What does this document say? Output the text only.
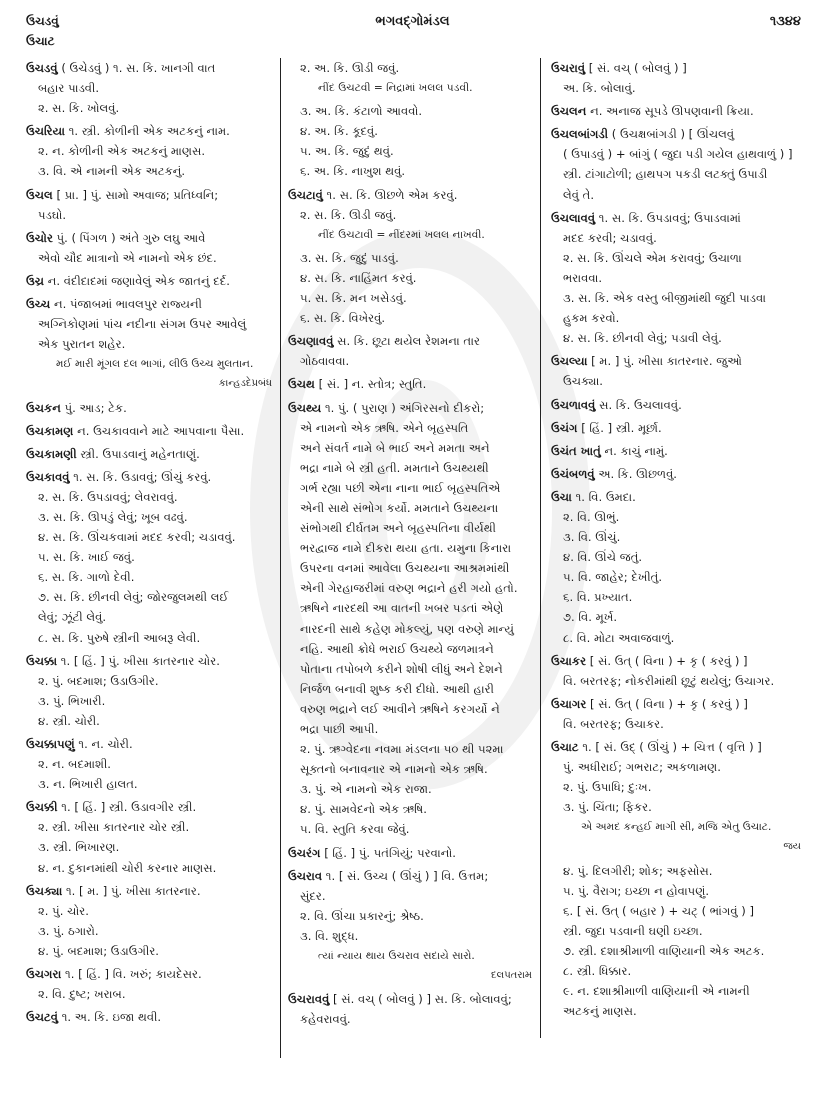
ઉચડવું
ઉચાટ
ભગવદ્ગોમંડલ	૧૩૪૪
ઉચડવું ( ઉચેડવું ) ૧. સ. કિ. ખાનગી વાત
બહાર પાડવી.
૨. સ. કિ. ખોલવું.
ઉચરિયા ૧. સ્ત્રી. કોળીની એક અટકનું નામ.
૨. ન. કોળીની એક અટકનું માણસ.
૩. વિ. એ નામની એક અટકનું.
ઉચલ [ પ્રા. ] પું. સામો અવાજ; પ્રતિધ્વનિ;
પડઘો.
ઉચોર પું. ( પિંગળ ) અંતે ગુરુ લઘુ આવે
એવો ચૌદ માત્રાનો એ નામનો એક છંદ.
ઉચ્ર ન. વંદીદાદમાં જણાવેલું એક જાતનું દર્દ.
ઉચ્ચ ન. પંજાબમાં ભાવલપુર રાજ્યની
અગ્નિકોણમાં પાંચ નદીના સંગમ ઉપર આવેલું
એક પુરાતન શહેર.
મઈ મારી મૂંગલ દલ ભાગાં, લીઉ ઉચ્ચ મુલતાન.
કાન્હડદેપ્રબંધ
ઉચકન પું. આડ; ટેક.
ઉચકામણ ન. ઉચકાવવાને માટે આપવાના પૈસા.
ઉચકામણી સ્ત્રી. ઉપાડવાનું મહેનતાણું.
ઉચકાવવું ૧. સ. કિ. ઉડાવવું; ઊંચું કરવું.
૨. સ. કિ. ઉપડાવવું; લેવરાવવું.
૩. સ. કિ. ઊપડું લેવું; ખૂબ વઢવું.
૪. સ. કિ. ઊંચકવામાં મદદ કરવી; ચડાવવું.
૫. સ. કિ. ખાઈ જવું.
૬. સ. કિ. ગાળો દેવી.
૭. સ. કિ. છીનવી લેવું; જોરજુલમથી લઈ
લેવું; ઝૂંટી લેવું.
૮. સ. કિ. પુરુષે સ્ત્રીની આબરૂ લેવી.
ઉચક્કા ૧. [ હિં. ] પું. ખીસા કાતરનાર ચોર.
૨. પું. બદમાશ; ઉડાઉગીર.
૩. પું. ભિખારી.
૪. સ્ત્રી. ચોરી.
ઉચક્કાપણું ૧. ન. ચોરી.
૨. ન. બદમાશી.
૩. ન. ભિખારી હાલત.
ઉચક્કી ૧. [ હિં. ] સ્ત્રી. ઉડાવગીર સ્ત્રી.
૨. સ્ત્રી. ખીસા કાતરનાર ચોર સ્ત્રી.
૩. સ્ત્રી. ભિખારણ.
૪. ન. દુકાનમાંથી ચોરી કરનાર માણસ.
ઉચક્યા ૧. [ મ. ] પું. ખીસા કાતરનાર.
૨. પું. ચોર.
૩. પું. ઠગારો.
૪. પું. બદમાશ; ઉડાઉગીર.
ઉચગરા ૧. [ હિં. ] વિ. ખરું; કાયદેસર.
૨. વિ. દુષ્ટ; ખરાબ.
ઉચટવું ૧. અ. કિ. ઇજા થવી.
૨. અ. કિ. ઊડી જવું.
નીંદ ઉચટવી = નિદ્રામાં ખલલ પડવી.
૩. અ. કિ. કંટાળો આવવો.
૪. અ. કિ. કૂદવું.
૫. અ. કિ. જુદું થવું.
૬. અ. કિ. નાખુશ થવું.
ઉચટાવું ૧. સ. કિ. ઊછળે એમ કરવું.
૨. સ. કિ. ઊડી જવું.
નીંદ ઉચટાવી = નીંદરમાં ખલલ નાખવી.
૩. સ. કિ. જુદું પાડવું.
૪. સ. કિ. નાહિંમત કરવું.
૫. સ. કિ. મન ખસેડવું.
૬. સ. કિ. વિખેરવું.
ઉચણાવવું સ. કિ. છૂટા થયેલ રેશમના તાર
ગોઠવાવવા.
ઉચથ [ સં. ] ન. સ્તોત્ર; સ્તુતિ.
ઉચથ્ય ૧. પું. ( પુરાણ ) અંગિરસનો દીકરો;
એ નામનો એક ઋષિ. એને બૃહસ્પતિ
અને સંવર્ત નામે બે ભાઈ અને મમતા અને
ભદ્રા નામે બે સ્ત્રી હતી. મમતાને ઉચથ્યથી
ગર્ભ રહ્યા પછી એના નાના ભાઈ બૃહસ્પતિએ
એની સાથે સંભોગ કર્યો. મમતાને ઉચથ્યના
સંભોગથી દીર્ઘતમ અને બૃહસ્પતિના વીર્યથી
ભરદ્વાજ નામે દીકરા થયા હતા. યમુના કિનારા
ઉપરના વનમાં આવેલા ઉચથ્યના આશ્રમમાંથી
એની ગેરહાજરીમાં વરુણ ભદ્રાને હરી ગયો હતો.
ઋષિને નારદથી આ વાતની ખબર પડતાં એણે
નારદની સાથે કહેણ મોકલ્યું, પણ વરુણે માન્યું
નહિ. આથી ક્રોધે ભરાઈ ઉચથ્યે જળમાત્રને
પોતાના તપોબળે કરીને શોષી લીધું અને દેશને
નિર્જળ બનાવી શુષ્ક કરી દીધો. આથી હારી
વરુણ ભદ્રાને લઈ આવીને ઋષિને કરગર્યો ને
ભદ્રા પાછી આપી.
૨. પું. ઋગ્વેદના નવમા મંડલના ૫૦ થી ૫૨મા
સૂક્તનો બનાવનાર એ નામનો એક ઋષિ.
૩. પું. એ નામનો એક રાજા.
૪. પું. સામવેદનો એક ઋષિ.
૫. વિ. સ્તુતિ કરવા જેવું.
ઉચરંગ [ હિં. ] પું. પતંગિયું; પરવાનો.
ઉચરાવ ૧. [ સં. ઉચ્ચ ( ઊંચું ) ] વિ. ઉત્તમ;
સુંદર.
૨. વિ. ઊંચા પ્રકારનું; શ્રેષ્ઠ.
૩. વિ. શુદ્ધ.
ત્યાં ન્યાય થાય ઉચરાવ સદાયે સારો.
દલપતરામ
ઉચરાવવું [ સં. વચ્ ( બોલવું ) ] સ. કિ. બોલાવવું;
કહેવરાવવું.
ઉચરાવું [ સં. વચ્ ( બોલવું ) ]
અ. કિ. બોલાવું.
ઉચલન ન. અનાજ સૂપડે ઊપણવાની ક્રિયા.
ઉચલબાંગડી ( ઉચક્ષબાંગડી ) [ ઊંચલવું
( ઉપાડવું ) + બાંગું ( જુદા પડી ગયેલ હાથવાળું ) ]
સ્ત્રી. ટાંગાટોળી; હાથપગ પકડી લટક્તું ઉપાડી
લેવું તે.
ઉચલાવવું ૧. સ. કિ. ઉપડાવવું; ઉપાડવામાં
મદદ કરવી; ચડાવવું.
૨. સ. કિ. ઊંચલે એમ કરાવવું; ઉચાળા
ભરાવવા.
૩. સ. કિ. એક વસ્તુ બીજીમાંથી જુદી પાડવા
હુકમ કરવો.
૪. સ. કિ. છીનવી લેવું; પડાવી લેવું.
ઉચલ્યા [ મ. ] પું. ખીસા કાતરનાર. જુઓ
ઉચક્યા.
ઉચળાવવું સ. કિ. ઉચલાવવું.
ઉચંગ [ હિં. ] સ્ત્રી. મૂર્છા.
ઉચંત ખાતું ન. કાચું નામું.
ઉચંબળવું અ. કિ. ઊછળવું.
ઉચા ૧. વિ. ઉમદા.
૨. વિ. ઊભું.
૩. વિ. ઊંચું.
૪. વિ. ઊંચે જતું.
૫. વિ. જાહેર; દેખીતું.
૬. વિ. પ્રખ્યાત.
૭. વિ. મૂર્ખ.
૮. વિ. મોટા અવાજવાળું.
ઉચાકર [ સં. ઉત્ ( વિના ) + કૃ ( કરવું ) ]
વિ. બરતરફ; નોકરીમાંથી છૂટું થયેલું; ઉચાગર.
ઉચાગર [ સં. ઉત્ ( વિના ) + કૃ ( કરવું ) ]
વિ. બરતરફ; ઉચાકર.
ઉચાટ ૧. [ સં. ઉદ્ ( ઊંચું ) + ચિત્ત ( વૃત્તિ ) ]
પું. અધીરાઈ; ગભરાટ; અકળામણ.
૨. પું. ઉપાધિ; દુઃખ.
૩. પું. ચિંતા; ફિકર.
એ અમદ કન્હઈ માગી સી, મજિ એતુ ઉચાટ.
જય
૪. પું. દિલગીરી; શોક; અફસોસ.
૫. પું. વૈરાગ; ઇચ્છા ન હોવાપણું.
૬. [ સં. ઉત્ ( બહાર ) + ચટ્ ( ભાંગવું ) ]
સ્ત્રી. જુદા પડવાની ઘણી ઇચ્છા.
૭. સ્ત્રી. દશાશ્રીમાળી વાણિયાની એક અટક.
૮. સ્ત્રી. ધિક્કાર.
૯. ન. દશાશ્રીમાળી વાણિયાની એ નામની
અટકનું માણસ.
